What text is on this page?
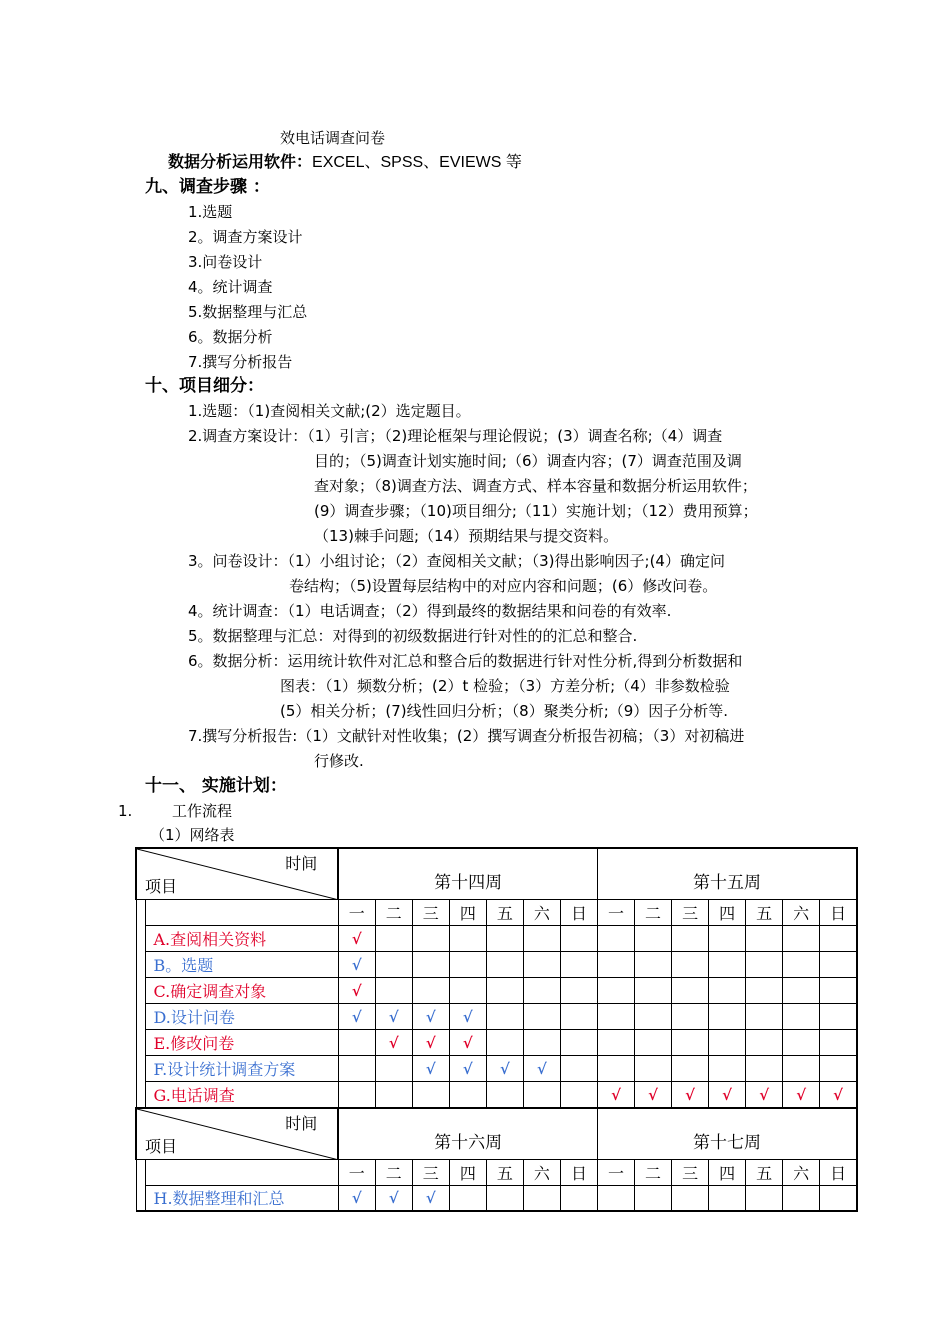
效电话调查问卷
数据分析运用软件：EXCEL、SPSS、EVIEWS 等
九、调查步骤 ：
1.选题
2。调查方案设计
3.问卷设计
4。统计调查
5.数据整理与汇总
6。数据分析
7.撰写分析报告
十、项目细分：
1.选题：（1)查阅相关文献;(2）选定题目。
2.调查方案设计：（1）引言；（2)理论框架与理论假说；(3）调查名称;（4）调查
目的；（5)调查计划实施时间;（6）调查内容；(7）调查范围及调
查对象；（8)调查方法、调查方式、样本容量和数据分析运用软件；
(9）调查步骤；（10)项目细分;（11）实施计划；（12）费用预算；
（13)棘手问题;（14）预期结果与提交资料。
3。问卷设计：（1）小组讨论；（2）查阅相关文献；（3)得出影响因子;(4）确定问
卷结构；（5)设置每层结构中的对应内容和问题；(6）修改问卷。
4。统计调查：（1）电话调查；（2）得到最终的数据结果和问卷的有效率.
5。数据整理与汇总：对得到的初级数据进行针对性的的汇总和整合.
6。数据分析：运用统计软件对汇总和整合后的数据进行针对性分析,得到分析数据和
图表：（1）频数分析；(2）t 检验；（3）方差分析;（4）非参数检验
(5）相关分析；(7)线性回归分析；（8）聚类分析;（9）因子分析等.
7.撰写分析报告:（1）文献针对性收集；(2）撰写调查分析报告初稿；（3）对初稿进
行修改.
十一、 实施计划：
1.	工作流程
（1）网络表
时间
项目		第十四周							第十五周						
		一	二	三	四	五	六	日	一	二	三	四	五	六	日
	A.查阅相关资料	√													
	B。选题	√													
	C.确定调查对象	√													
	D.设计问卷	√	√	√	√										
	E.修改问卷		√	√	√										
	F.设计统计调查方案			√	√	√	√								
	G.电话调查								√	√	√	√	√	√	√
时间
项目		第十六周							第十七周						
		一	二	三	四	五	六	日	一	二	三	四	五	六	日
	H.数据整理和汇总	√	√	√											
